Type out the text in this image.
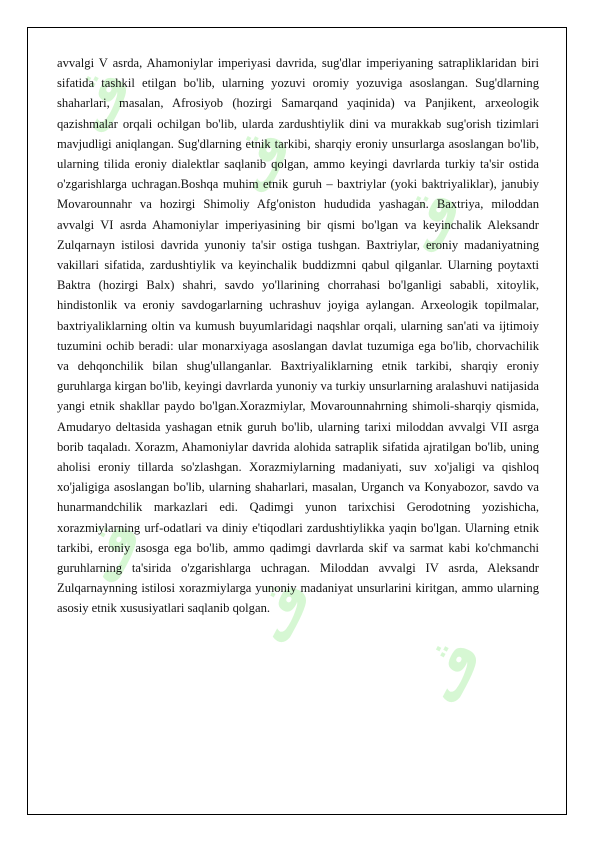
ڤ
ڤ
ڤ
ڤ
ڤ
ڤ

avvalgi V asrda, Ahamoniylar imperiyasi davrida, sug'dlar imperiyaning satrapliklaridan biri sifatida tashkil etilgan bo'lib, ularning yozuvi oromiy yozuviga asoslangan. Sug'dlarning shaharlari, masalan, Afrosiyob (hozirgi Samarqand yaqinida) va Panjikent, arxeologik qazishmalar orqali ochilgan bo'lib, ularda zardushtiylik dini va murakkab sug'orish tizimlari mavjudligi aniqlangan. Sug'dlarning etnik tarkibi, sharqiy eroniy unsurlarga asoslangan bo'lib, ularning tilida eroniy dialektlar saqlanib qolgan, ammo keyingi davrlarda turkiy ta'sir ostida o'zgarishlarga uchragan.Boshqa muhim etnik guruh – baxtriylar (yoki baktriyaliklar), janubiy Movarounnahr va hozirgi Shimoliy Afg'oniston hududida yashagan. Baxtriya, miloddan avvalgi VI asrda Ahamoniylar imperiyasining bir qismi bo'lgan va keyinchalik Aleksandr Zulqarnayn istilosi davrida yunoniy ta'sir ostiga tushgan. Baxtriylar, eroniy madaniyatning vakillari sifatida, zardushtiylik va keyinchalik buddizmni qabul qilganlar. Ularning poytaxti Baktra (hozirgi Balx) shahri, savdo yo'llarining chorrahasi bo'lganligi sababli, xitoylik, hindistonlik va eroniy savdogarlarning uchrashuv joyiga aylangan. Arxeologik topilmalar, baxtriyaliklarning oltin va kumush buyumlaridagi naqshlar orqali, ularning san'ati va ijtimoiy tuzumini ochib beradi: ular monarxiyaga asoslangan davlat tuzumiga ega bo'lib, chorvachilik va dehqonchilik bilan shug'ullanganlar. Baxtriyaliklarning etnik tarkibi, sharqiy eroniy guruhlarga kirgan bo'lib, keyingi davrlarda yunoniy va turkiy unsurlarning aralashuvi natijasida yangi etnik shakllar paydo bo'lgan.Xorazmiylar, Movarounnahrning shimoli-sharqiy qismida, Amudaryo deltasida yashagan etnik guruh bo'lib, ularning tarixi miloddan avvalgi VII asrga borib taqaladı. Xorazm, Ahamoniylar davrida alohida satraplik sifatida ajratilgan bo'lib, uning aholisi eroniy tillarda so'zlashgan. Xorazmiylarning madaniyati, suv xo'jaligi va qishloq xo'jaligiga asoslangan bo'lib, ularning shaharlari, masalan, Urganch va Konyabozor, savdo va hunarmandchilik markazlari edi. Qadimgi yunon tarixchisi Gerodotning yozishicha, xorazmiylarning urf-odatlari va diniy e'tiqodlari zardushtiylikka yaqin bo'lgan. Ularning etnik tarkibi, eroniy asosga ega bo'lib, ammo qadimgi davrlarda skif va sarmat kabi ko'chmanchi guruhlarning ta'sirida o'zgarishlarga uchragan. Miloddan avvalgi IV asrda, Aleksandr Zulqarnaynning istilosi xorazmiylarga yunoniy madaniyat unsurlarini kiritgan, ammo ularning asosiy etnik xususiyatlari saqlanib qolgan.
